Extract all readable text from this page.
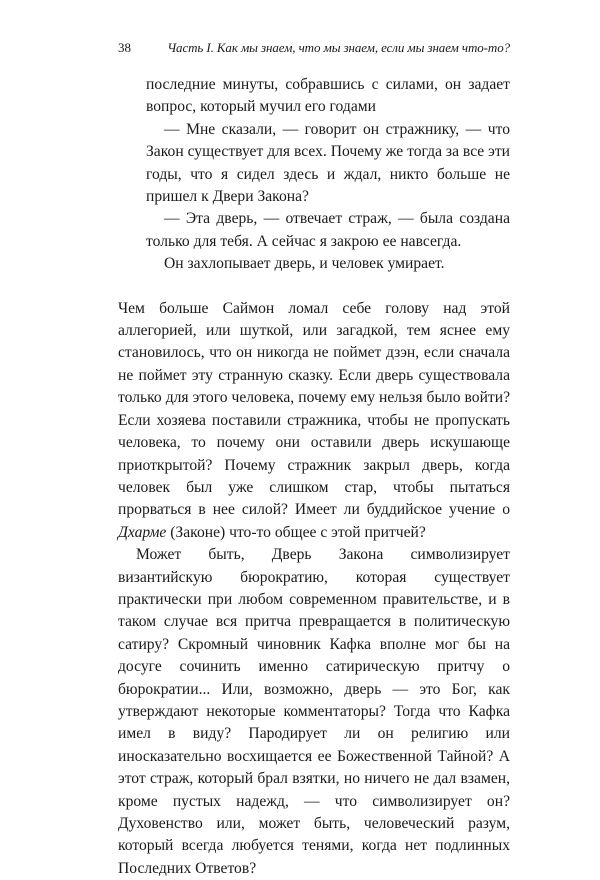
38	Часть I. Как мы знаем, что мы знаем, если мы знаем что-то?

последние минуты, собравшись с силами, он задает вопрос, который мучил его годами

— Мне сказали, — говорит он стражнику, — что Закон существует для всех. Почему же тогда за все эти годы, что я сидел здесь и ждал, никто больше не пришел к Двери Закона?

— Эта дверь, — отвечает страж, — была создана только для тебя. А сейчас я закрою ее навсегда.

Он захлопывает дверь, и человек умирает.

Чем больше Саймон ломал себе голову над этой аллегорией, или шуткой, или загадкой, тем яснее ему становилось, что он никогда не поймет дзэн, если сначала не поймет эту странную сказку. Если дверь существовала только для этого человека, почему ему нельзя было войти? Если хозяева поставили стражника, чтобы не пропускать человека, то почему они оставили дверь искушающе приоткрытой? Почему стражник закрыл дверь, когда человек был уже слишком стар, чтобы пытаться прорваться в нее силой? Имеет ли буддийское учение о Дхарме (Законе) что-то общее с этой притчей?

Может быть, Дверь Закона символизирует византийскую бюрократию, которая существует практически при любом современном правительстве, и в таком случае вся притча превращается в политическую сатиру? Скромный чиновник Кафка вполне мог бы на досуге сочинить именно сатирическую притчу о бюрократии... Или, возможно, дверь — это Бог, как утверждают некоторые комментаторы? Тогда что Кафка имел в виду? Пародирует ли он религию или иносказательно восхищается ее Божественной Тайной? А этот страж, который брал взятки, но ничего не дал взамен, кроме пустых надежд, — что символизирует он? Духовенство или, может быть, человеческий разум, который всегда любуется тенями, когда нет подлинных Последних Ответов?
